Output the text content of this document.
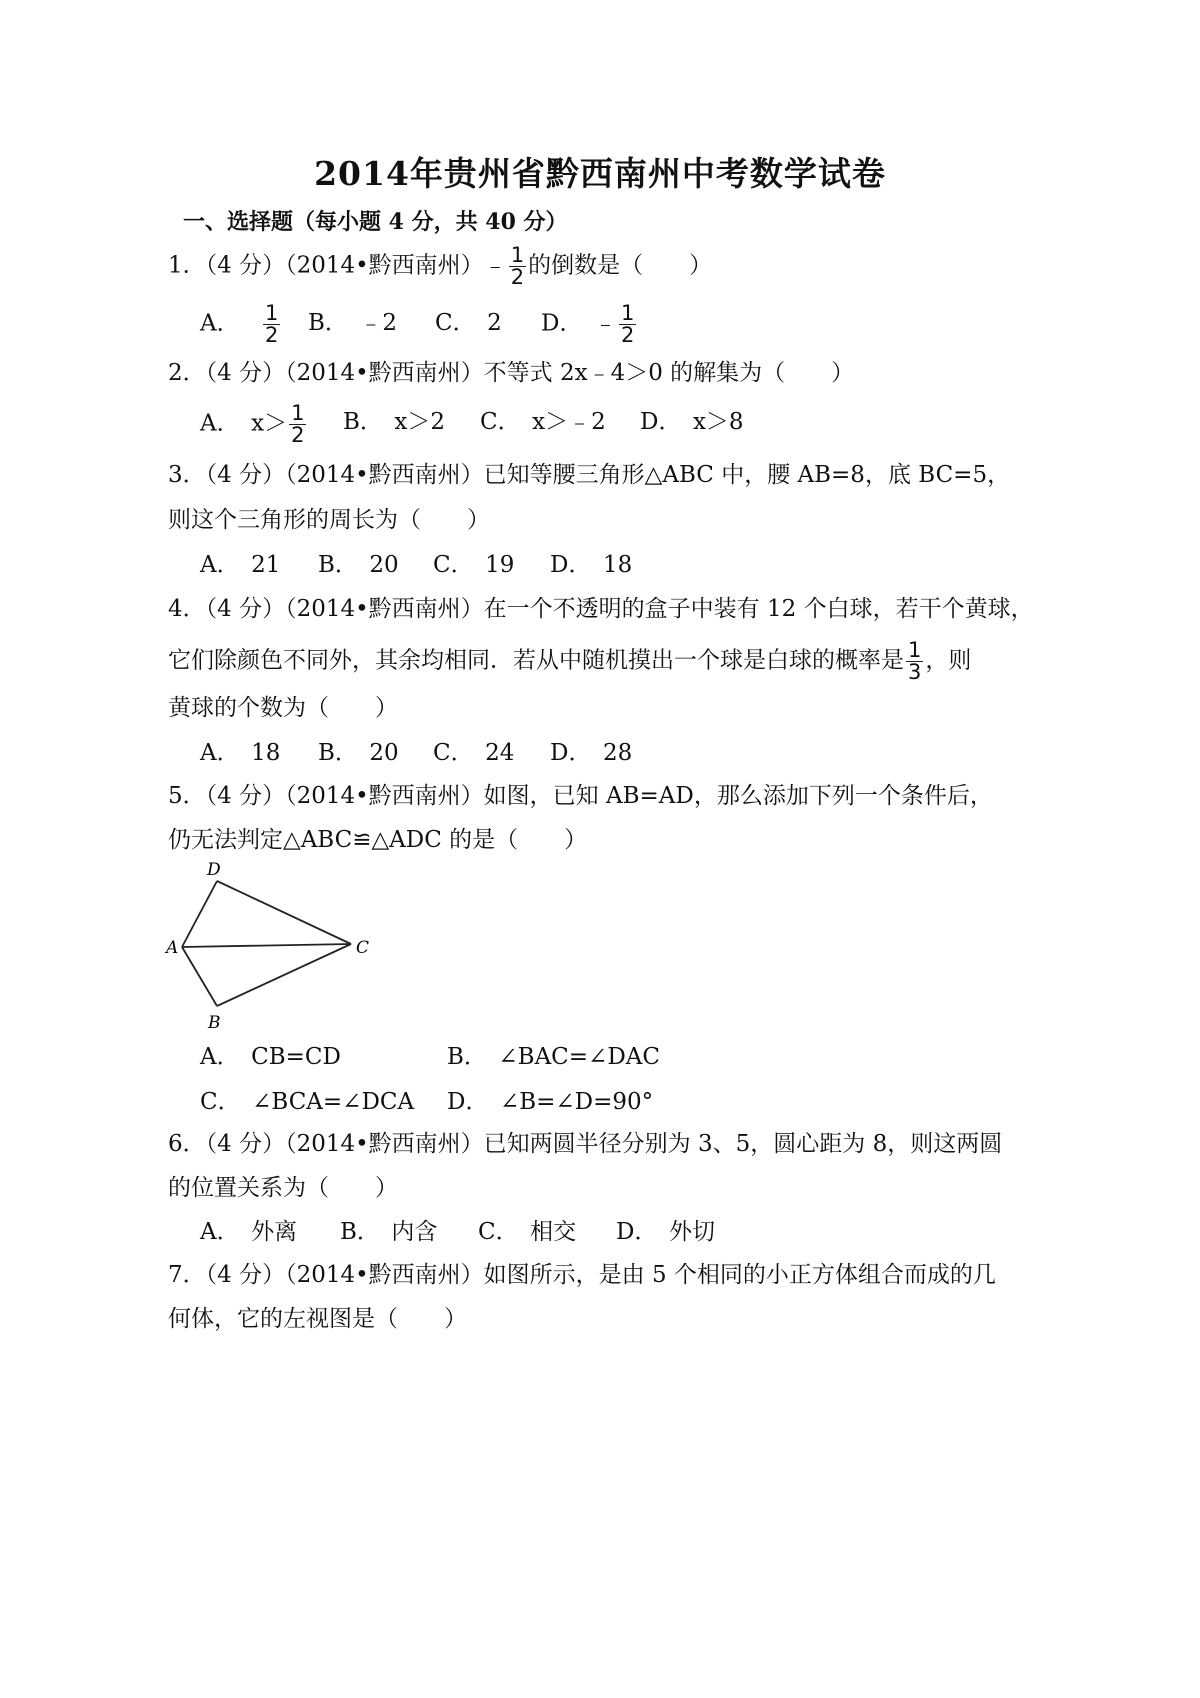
2014年贵州省黔西南州中考数学试卷
一、选择题（每小题 4 分，共 40 分）
1．（4 分）（2014•黔西南州）﹣ $\frac{1}{2}$ 的倒数是（　　）
A． $\frac{1}{2}$ B．　﹣2 C．　2 D．　﹣ $\frac{1}{2}$
2．（4 分）（2014•黔西南州）不等式 2x﹣4＞0 的解集为（　　）
A．　$x> \frac{1}{2}$ B．　x＞2 C．　x＞﹣2 D．　x＞8
3．（4 分）（2014•黔西南州）已知等腰三角形△ABC 中，腰 AB=8，底 BC=5，
则这个三角形的周长为（　　）
A．　21 B．　20 C．　19 D．　18
4．（4 分）（2014•黔西南州）在一个不透明的盒子中装有 12 个白球，若干个黄球，
它们除颜色不同外，其余均相同．若从中随机摸出一个球是白球的概率是 $\frac{1}{3}$ ，则
黄球的个数为（　　）
A．　18 B．　20 C．　24 D．　28
5．（4 分）（2014•黔西南州）如图，已知 AB=AD，那么添加下列一个条件后，
仍无法判定△ABC≌△ADC 的是（　　）
D
A	C
B
A．　CB=CD	B．　∠BAC=∠DAC
C．　∠BCA=∠DCA D．　∠B=∠D=90°
6．（4 分）（2014•黔西南州）已知两圆半径分别为 3、5，圆心距为 8，则这两圆
的位置关系为（　　）
A．　外离 B．　内含 C．　相交 D．　外切
7．（4 分）（2014•黔西南州）如图所示，是由 5 个相同的小正方体组合而成的几
何体，它的左视图是（　　）
